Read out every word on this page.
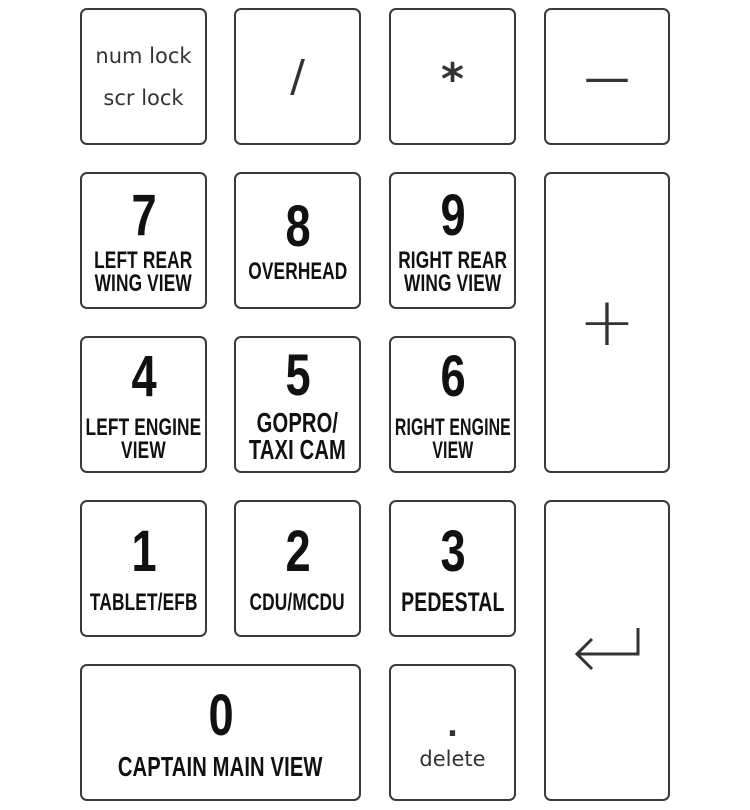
num lock
scr lock /	*	—
7
LEFT REAR
WING VIEW
8
OVERHEAD
9
RIGHT REAR
WING VIEW +
4
LEFT ENGINE
VIEW
5
GOPRO/
TAXI CAM
6
RIGHT ENGINE
VIEW
1
TABLET/EFB
2
CDU/MCDU
3
PEDESTAL
0
CAPTAIN MAIN VIEW
.
delete
